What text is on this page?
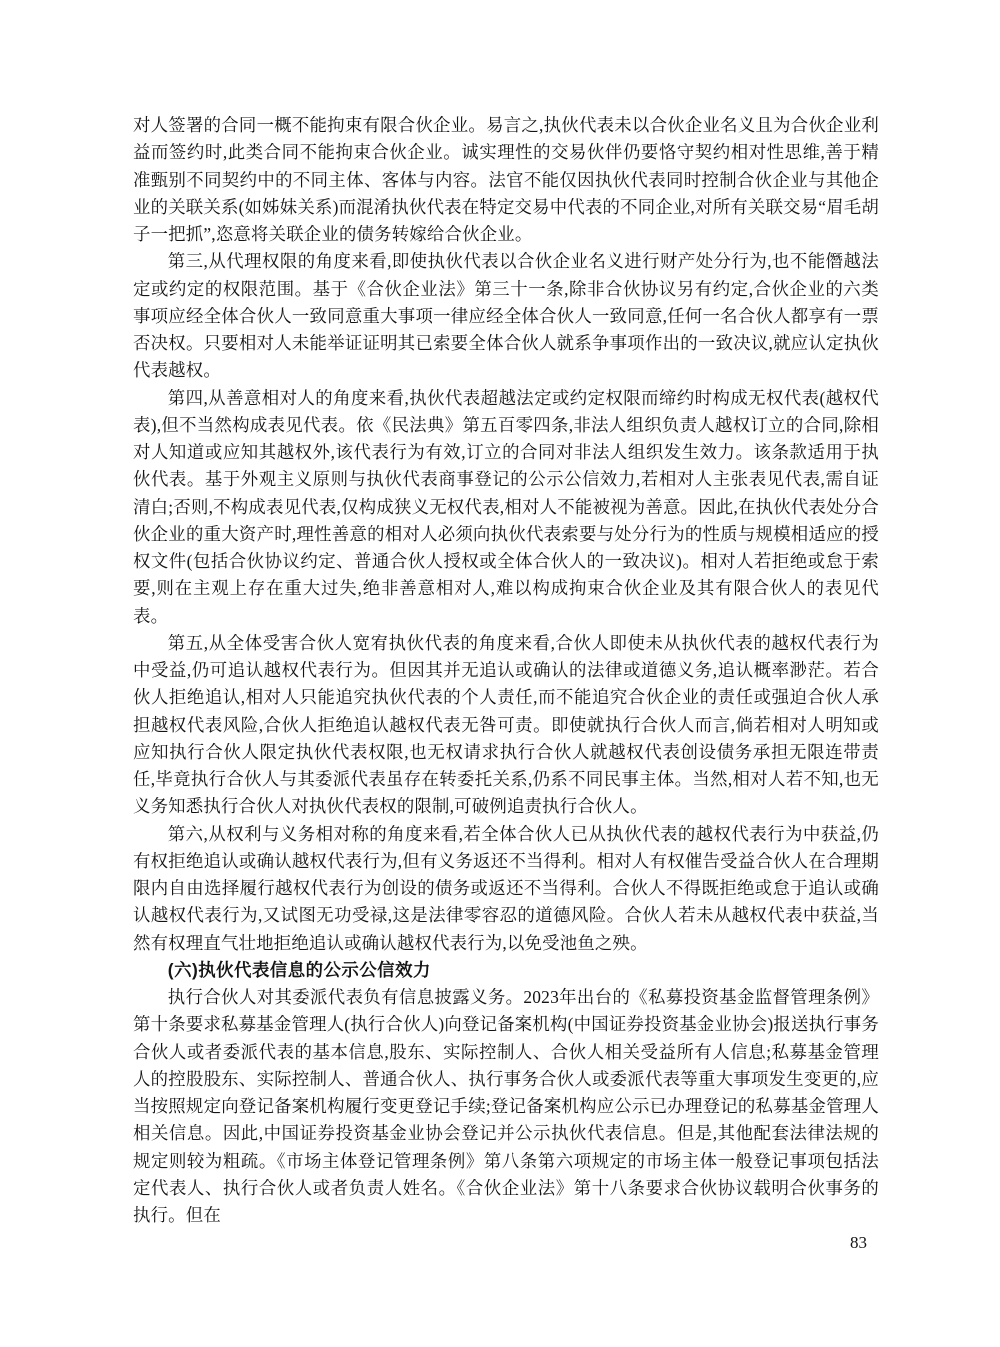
对人签署的合同一概不能拘束有限合伙企业。易言之,执伙代表未以合伙企业名义且为合伙企业利益而签约时,此类合同不能拘束合伙企业。诚实理性的交易伙伴仍要恪守契约相对性思维,善于精准甄别不同契约中的不同主体、客体与内容。法官不能仅因执伙代表同时控制合伙企业与其他企业的关联关系(如姊妹关系)而混淆执伙代表在特定交易中代表的不同企业,对所有关联交易“眉毛胡子一把抓”,恣意将关联企业的债务转嫁给合伙企业。

第三,从代理权限的角度来看,即使执伙代表以合伙企业名义进行财产处分行为,也不能僭越法定或约定的权限范围。基于《合伙企业法》第三十一条,除非合伙协议另有约定,合伙企业的六类事项应经全体合伙人一致同意重大事项一律应经全体合伙人一致同意,任何一名合伙人都享有一票否决权。只要相对人未能举证证明其已索要全体合伙人就系争事项作出的一致决议,就应认定执伙代表越权。

第四,从善意相对人的角度来看,执伙代表超越法定或约定权限而缔约时构成无权代表(越权代表),但不当然构成表见代表。依《民法典》第五百零四条,非法人组织负责人越权订立的合同,除相对人知道或应知其越权外,该代表行为有效,订立的合同对非法人组织发生效力。该条款适用于执伙代表。基于外观主义原则与执伙代表商事登记的公示公信效力,若相对人主张表见代表,需自证清白;否则,不构成表见代表,仅构成狭义无权代表,相对人不能被视为善意。因此,在执伙代表处分合伙企业的重大资产时,理性善意的相对人必须向执伙代表索要与处分行为的性质与规模相适应的授权文件(包括合伙协议约定、普通合伙人授权或全体合伙人的一致决议)。相对人若拒绝或怠于索要,则在主观上存在重大过失,绝非善意相对人,难以构成拘束合伙企业及其有限合伙人的表见代表。

第五,从全体受害合伙人宽宥执伙代表的角度来看,合伙人即使未从执伙代表的越权代表行为中受益,仍可追认越权代表行为。但因其并无追认或确认的法律或道德义务,追认概率渺茫。若合伙人拒绝追认,相对人只能追究执伙代表的个人责任,而不能追究合伙企业的责任或强迫合伙人承担越权代表风险,合伙人拒绝追认越权代表无咎可责。即使就执行合伙人而言,倘若相对人明知或应知执行合伙人限定执伙代表权限,也无权请求执行合伙人就越权代表创设债务承担无限连带责任,毕竟执行合伙人与其委派代表虽存在转委托关系,仍系不同民事主体。当然,相对人若不知,也无义务知悉执行合伙人对执伙代表权的限制,可破例追责执行合伙人。

第六,从权利与义务相对称的角度来看,若全体合伙人已从执伙代表的越权代表行为中获益,仍有权拒绝追认或确认越权代表行为,但有义务返还不当得利。相对人有权催告受益合伙人在合理期限内自由选择履行越权代表行为创设的债务或返还不当得利。合伙人不得既拒绝或怠于追认或确认越权代表行为,又试图无功受禄,这是法律零容忍的道德风险。合伙人若未从越权代表中获益,当然有权理直气壮地拒绝追认或确认越权代表行为,以免受池鱼之殃。

(六)执伙代表信息的公示公信效力

执行合伙人对其委派代表负有信息披露义务。2023年出台的《私募投资基金监督管理条例》第十条要求私募基金管理人(执行合伙人)向登记备案机构(中国证券投资基金业协会)报送执行事务合伙人或者委派代表的基本信息,股东、实际控制人、合伙人相关受益所有人信息;私募基金管理人的控股股东、实际控制人、普通合伙人、执行事务合伙人或委派代表等重大事项发生变更的,应当按照规定向登记备案机构履行变更登记手续;登记备案机构应公示已办理登记的私募基金管理人相关信息。因此,中国证券投资基金业协会登记并公示执伙代表信息。但是,其他配套法律法规的规定则较为粗疏。《市场主体登记管理条例》第八条第六项规定的市场主体一般登记事项包括法定代表人、执行合伙人或者负责人姓名。《合伙企业法》第十八条要求合伙协议载明合伙事务的执行。但在

83
